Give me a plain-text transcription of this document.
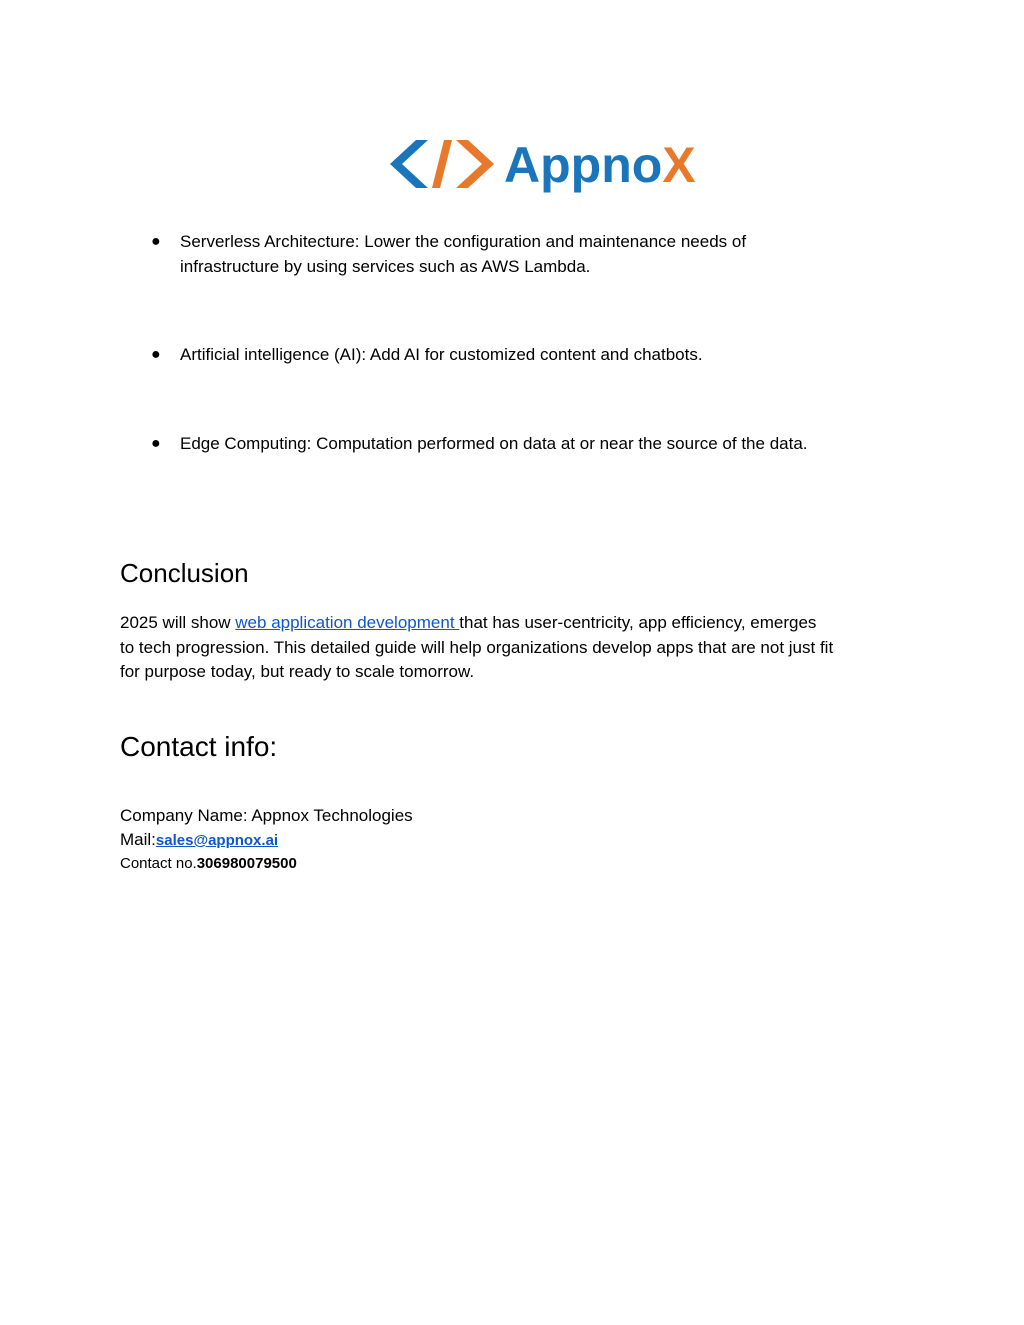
AppnoX
● Serverless Architecture: Lower the configuration and maintenance needs of
infrastructure by using services such as AWS Lambda.
● Artificial intelligence (AI): Add AI for customized content and chatbots.
● Edge Computing: Computation performed on data at or near the source of the data.
Conclusion
2025 will show web application development that has user-centricity, app efficiency, emerges
to tech progression. This detailed guide will help organizations develop apps that are not just fit
for purpose today, but ready to scale tomorrow.
Contact info:
Company Name: Appnox Technologies
Mail:sales@appnox.ai
Contact no.306980079500
